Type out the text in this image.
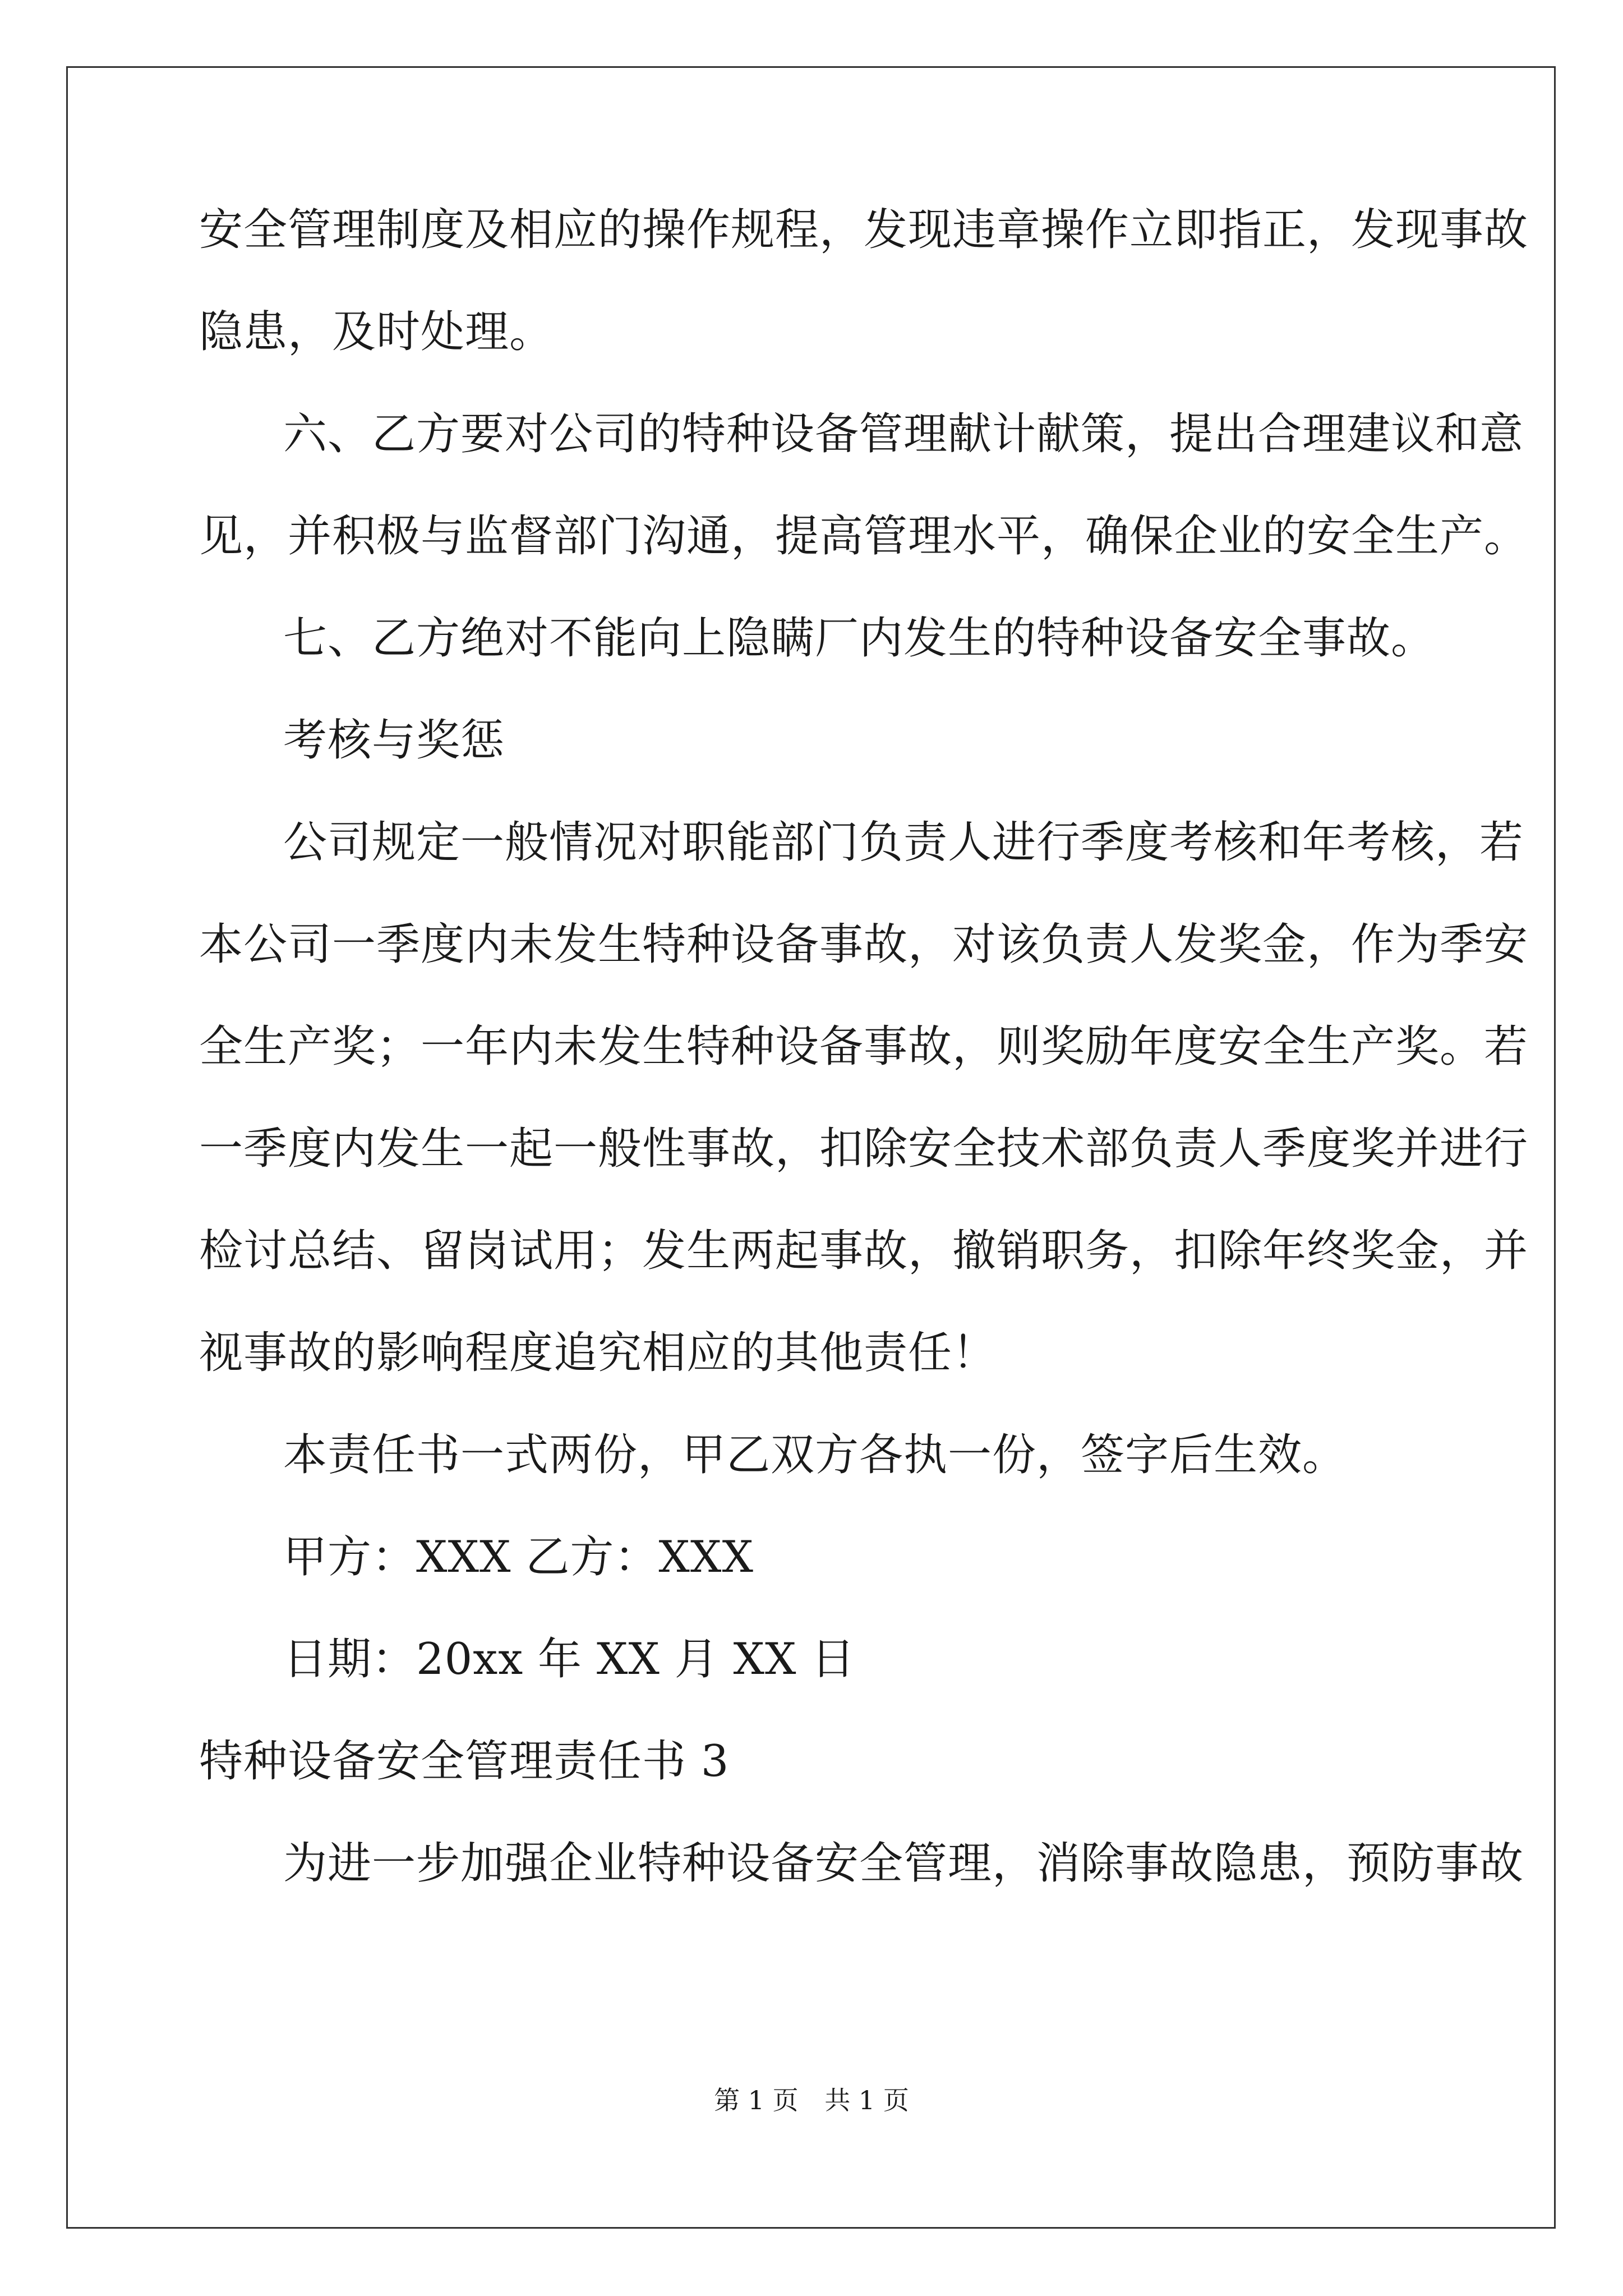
安全管理制度及相应的操作规程，发现违章操作立即指正，发现事故
隐患，及时处理。
六、乙方要对公司的特种设备管理献计献策，提出合理建议和意
见，并积极与监督部门沟通，提高管理水平，确保企业的安全生产。
七、乙方绝对不能向上隐瞒厂内发生的特种设备安全事故。
考核与奖惩
公司规定一般情况对职能部门负责人进行季度考核和年考核，若
本公司一季度内未发生特种设备事故，对该负责人发奖金，作为季安
全生产奖；一年内未发生特种设备事故，则奖励年度安全生产奖。若
一季度内发生一起一般性事故，扣除安全技术部负责人季度奖并进行
检讨总结、留岗试用；发生两起事故，撤销职务，扣除年终奖金，并
视事故的影响程度追究相应的其他责任！
本责任书一式两份，甲乙双方各执一份，签字后生效。
甲方：XXX 乙方：XXX
日期：20xx 年 XX 月 XX 日
特种设备安全管理责任书 3
为进一步加强企业特种设备安全管理，消除事故隐患，预防事故
第 1 页 共 1 页
